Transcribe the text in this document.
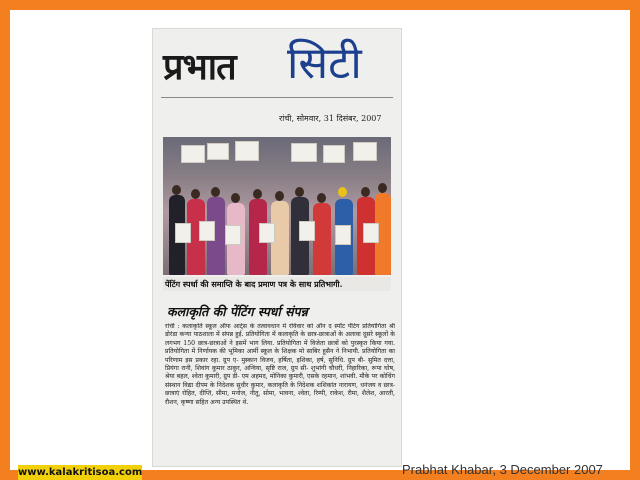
प्रभात सिटी
रांची, सोमवार, 31 दिसंबर, 2007
पेंटिंग स्पर्धा की समाप्ति के बाद प्रमाण पत्र के साथ प्रतिभागी.
कलाकृति की पेंटिंग स्पर्धा संपन्न
रांची : कलाकृति स्कूल ऑफ आर्ट्स के तत्वावधान में रविवार को ऑन द स्पॉट पेंटिंग प्रतियोगिता श्री डोरंडा कन्या पाठशाला में संपन्न हुई. प्रतियोगिता में कलाकृति के छात्र-छात्राओं के अलावा दूसरे स्कूलों के लगभग 150 छात्र-छात्राओं ने इसमें भाग लिया. प्रतियोगिता में विजेता छात्रों को पुरस्कृत किया गया. प्रतियोगिता में निर्णायक की भूमिका आर्मी स्कूल के शिक्षक मो साबिर हुसैन ने निभायी. प्रतियोगिता का परिणाम इस प्रकार रहा. ग्रुप ए- मुस्कान विजय, हर्षिता, इशिका, हर्ष, सुनिधि. ग्रुप बी- सुमित दत्ता, प्रियंगा रानी, शिवांग कुमार ठाकुर, अन्विया, सृष्टि राज, ग्रुप सी- शुभांगी चौधरी, निहारिका, रूपा घोष, श्रेया बहल, श्वेता कुमारी, ग्रुप डी- एम अहमद, मोनिका कुमारी, एसके रहमान, शांभवी. मौके पर कोचिंग संस्थान विद्या दीपम के निदेशक सुधीर कुमार, कलाकृति के निदेशक शशिकांत नारायण, धनंजय व छात्र-छात्राएं रोहित, दीप्ति, सीमा, मनोज, नीतू, सोमा, भावना, श्वेता, रिम्पी, राकेश, रीमा, शैलेश, आरती, रौशन, कृष्णा सहित अन्य उपस्थित थे.
www.kalakritisoa.com	Prabhat Khabar, 3 December 2007
